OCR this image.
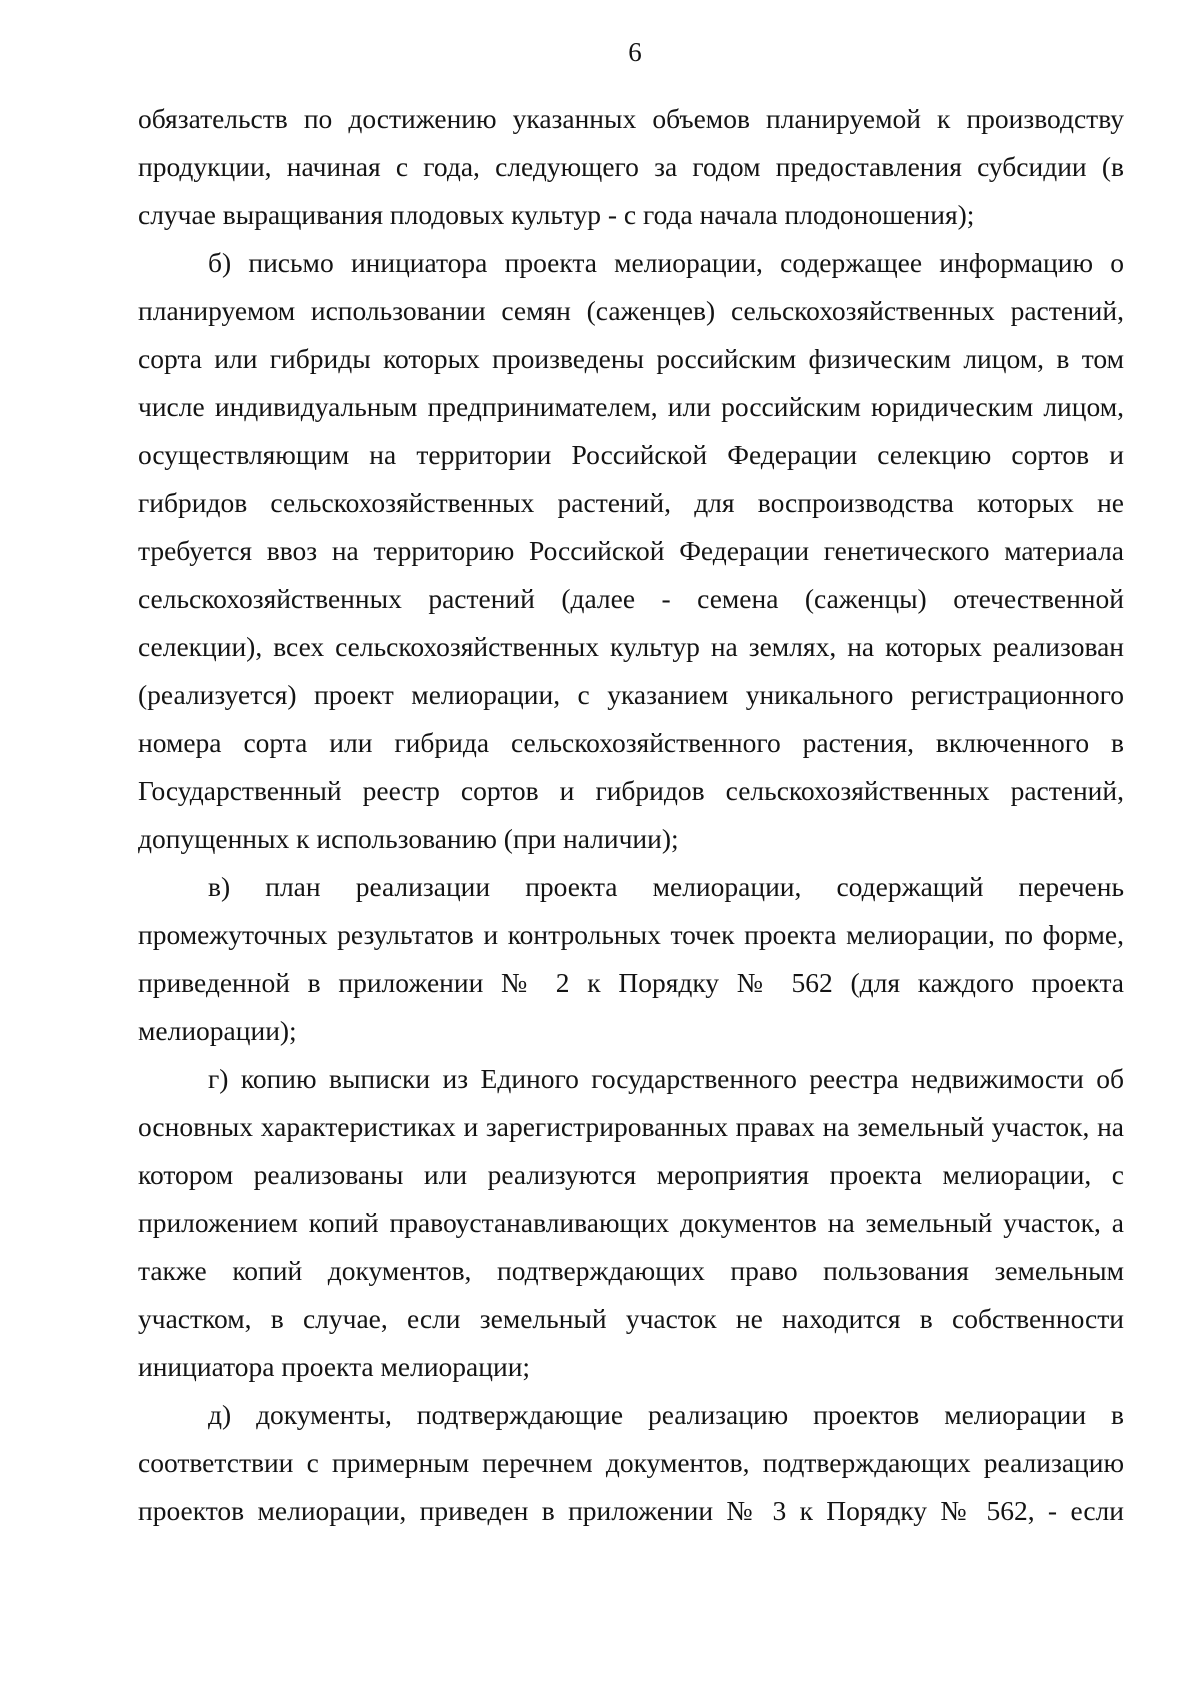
6

обязательств по достижению указанных объемов планируемой к производству продукции, начиная с года, следующего за годом предоставления субсидии (в случае выращивания плодовых культур - с года начала плодоношения);

б) письмо инициатора проекта мелиорации, содержащее информацию о планируемом использовании семян (саженцев) сельскохозяйственных растений, сорта или гибриды которых произведены российским физическим лицом, в том числе индивидуальным предпринимателем, или российским юридическим лицом, осуществляющим на территории Российской Федерации селекцию сортов и гибридов сельскохозяйственных растений, для воспроизводства которых не требуется ввоз на территорию Российской Федерации генетического материала сельскохозяйственных растений (далее - семена (саженцы) отечественной селекции), всех сельскохозяйственных культур на землях, на которых реализован (реализуется) проект мелиорации, с указанием уникального регистрационного номера сорта или гибрида сельскохозяйственного растения, включенного в Государственный реестр сортов и гибридов сельскохозяйственных растений, допущенных к использованию (при наличии);

в) план реализации проекта мелиорации, содержащий перечень промежуточных результатов и контрольных точек проекта мелиорации, по форме, приведенной в приложении № 2 к Порядку № 562 (для каждого проекта мелиорации);

г) копию выписки из Единого государственного реестра недвижимости об основных характеристиках и зарегистрированных правах на земельный участок, на котором реализованы или реализуются мероприятия проекта мелиорации, с приложением копий правоустанавливающих документов на земельный участок, а также копий документов, подтверждающих право пользования земельным участком, в случае, если земельный участок не находится в собственности инициатора проекта мелиорации;

д) документы, подтверждающие реализацию проектов мелиорации в соответствии с примерным перечнем документов, подтверждающих реализацию проектов мелиорации, приведен в приложении № 3 к Порядку № 562, - если
